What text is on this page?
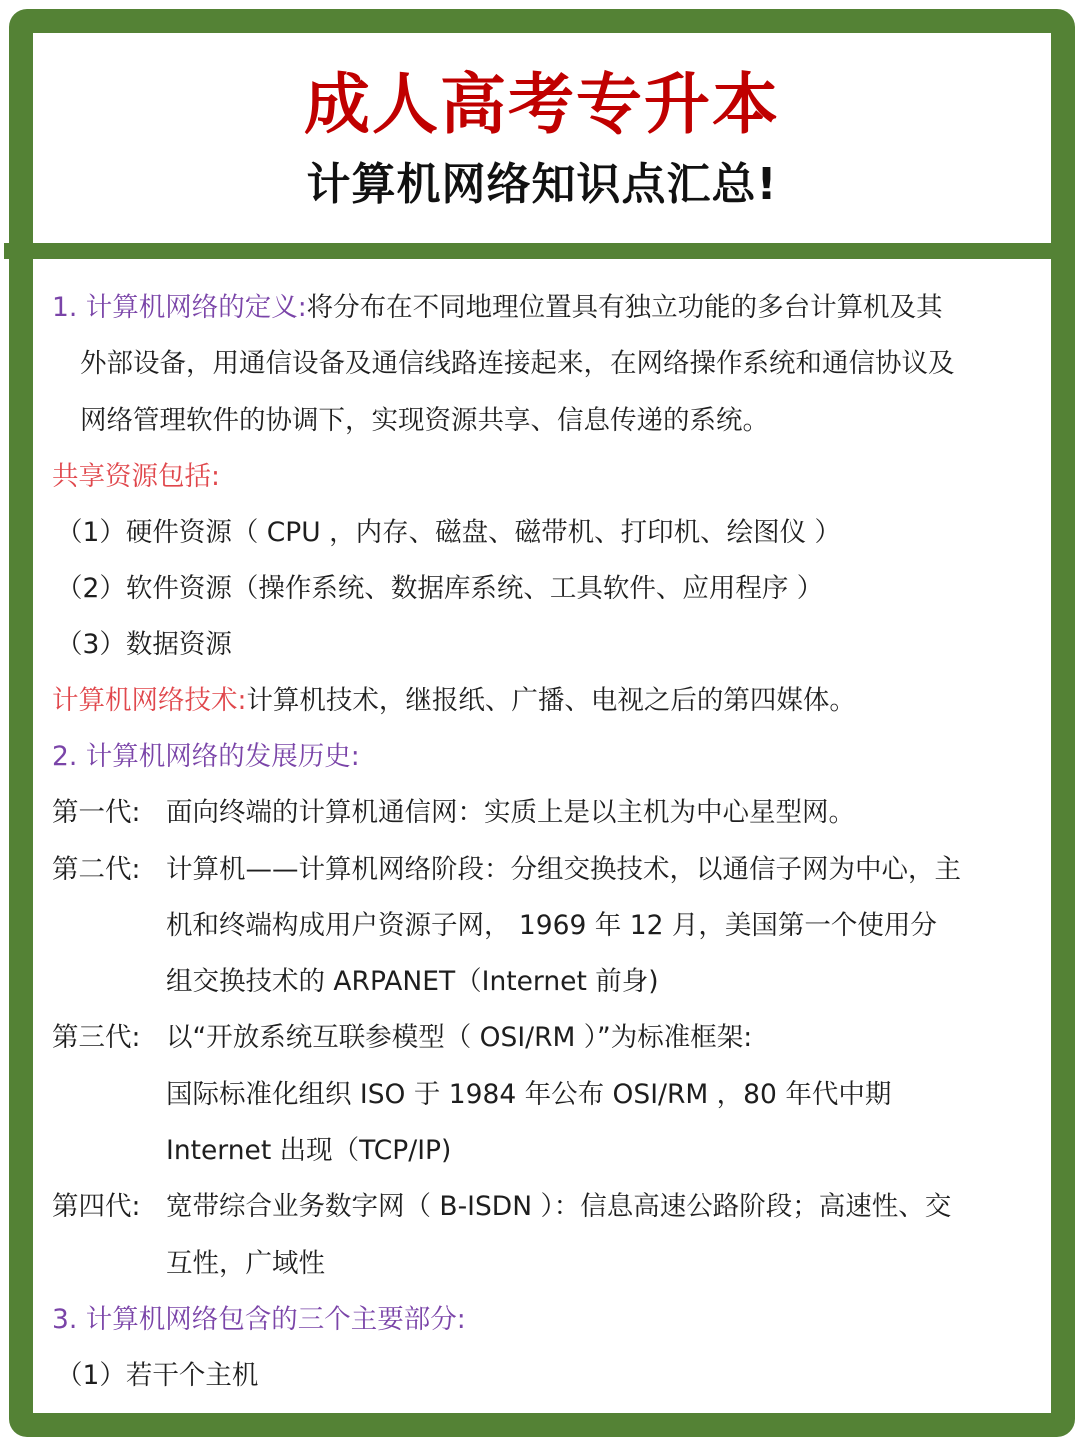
成人高考专升本
计算机网络知识点汇总!
1. 计算机网络的定义:将分布在不同地理位置具有独立功能的多台计算机及其
外部设备，用通信设备及通信线路连接起来，在网络操作系统和通信协议及
网络管理软件的协调下，实现资源共享、信息传递的系统。
共享资源包括:
（1）硬件资源（ CPU ，内存、磁盘、磁带机、打印机、绘图仪 ）
（2）软件资源（操作系统、数据库系统、工具软件、应用程序 ）
（3）数据资源
计算机网络技术:计算机技术，继报纸、广播、电视之后的第四媒体。
2. 计算机网络的发展历史:
第一代: 面向终端的计算机通信网：实质上是以主机为中心星型网。
第二代: 计算机——计算机网络阶段：分组交换技术，以通信子网为中心，主
机和终端构成用户资源子网， 1969 年 12 月，美国第一个使用分
组交换技术的 ARPANET（Internet 前身)
第三代: 以“开放系统互联参模型（ OSI/RM ）”为标准框架:
国际标准化组织 ISO 于 1984 年公布 OSI/RM ，80 年代中期
Internet 出现（TCP/IP)
第四代: 宽带综合业务数字网（ B-ISDN ）：信息高速公路阶段；高速性、交
互性，广域性
3. 计算机网络包含的三个主要部分:
（1）若干个主机
